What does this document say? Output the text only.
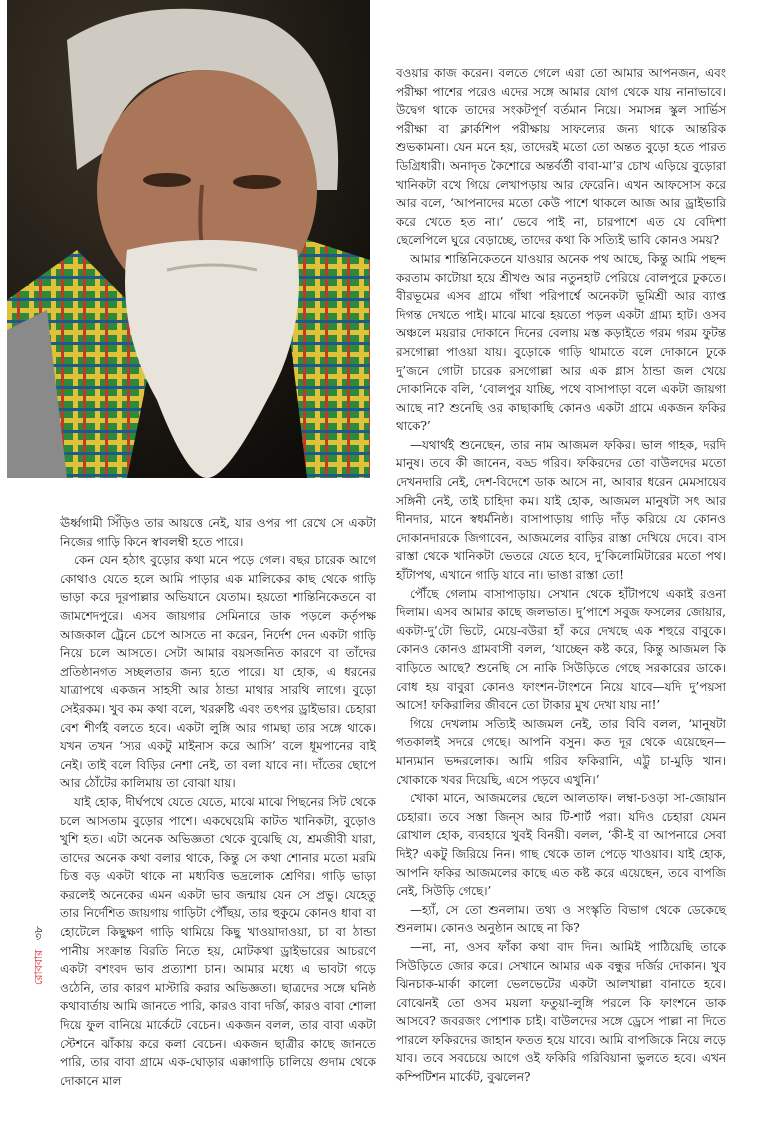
ঊর্ধ্বগামী সিঁড়িও তার আয়ত্তে নেই, যার ওপর পা রেখে সে একটা নিজের গাড়ি কিনে স্বাবলম্বী হতে পারে।

কেন যেন হঠাৎ বুড়োর কথা মনে পড়ে গেল। বছর চারেক আগে কোথাও যেতে হলে আমি পাড়ার এক মালিকের কাছ থেকে গাড়ি ভাড়া করে দূরপাল্লার অভিযানে যেতাম। হয়তো শান্তিনিকেতনে বা জামশেদপুরে। এসব জায়গার সেমিনারে ডাক পড়লে কর্তৃপক্ষ আজকাল ট্রেনে চেপে আসতে না করেন, নির্দেশ দেন একটা গাড়ি নিয়ে চলে আসতে। সেটা আমার বয়সজনিত কারণে বা তাঁদের প্রতিষ্ঠানগত সচ্ছলতার জন্য হতে পারে। যা হোক, এ ধরনের যাত্রাপথে একজন সাহসী আর ঠান্ডা মাথার সারথি লাগে। বুড়ো সেইরকম। খুব কম কথা বলে, খররুষ্টি এবং তৎপর ড্রাইভার। চেহারা বেশ শীর্ণই বলতে হবে। একটা লুঙ্গি আর গামছা তার সঙ্গে থাকে। যখন তখন ‘স্যর একটু মাইনাস করে আসি’ বলে ধূমপানের বাই নেই। তাই বলে বিড়ির নেশা নেই, তা বলা যাবে না। দাঁতের ছোপে আর ঠোঁটের কালিমায় তা বোঝা যায়।

যাই হোক, দীর্ঘপথে যেতে যেতে, মাঝে মাঝে পিছনের সিট থেকে চলে আসতাম বুড়োর পাশে। একঘেয়েমি কাটত খানিকটা, বুড়োও খুশি হত। এটা অনেক অভিজ্ঞতা থেকে বুঝেছি যে, শ্রমজীবী যারা, তাদের অনেক কথা বলার থাকে, কিন্তু সে কথা শোনার মতো মরমি চিত্ত বড় একটা থাকে না মধ্যবিত্ত ভদ্রলোক শ্রেণির। গাড়ি ভাড়া করলেই অনেকের এমন একটা ভাব জন্মায় যেন সে প্রভু। যেহেতু তার নির্দেশিত জায়গায় গাড়িটা পৌঁছয়, তার হুকুমে কোনও ধাবা বা হোটেলে কিছুক্ষণ গাড়ি থামিয়ে কিছু খাওয়াদাওয়া, চা বা ঠান্ডা পানীয় সংক্রান্ত বিরতি নিতে হয়, মোটকথা ড্রাইভারের আচরণে একটা বশংবদ ভাব প্রত্যাশা চান। আমার মধ্যে এ ভাবটা গড়ে ওঠেনি, তার কারণ মাস্টারি করার অভিজ্ঞতা। ছাত্রদের সঙ্গে ঘনিষ্ঠ কথাবার্তায় আমি জানতে পারি, কারও বাবা দর্জি, কারও বাবা শোলা দিয়ে ফুল বানিয়ে মার্কেটে বেচেন। একজন বলল, তার বাবা একটা স্টেশনে ঝাঁকায় করে কলা বেচেন। একজন ছাত্রীর কাছে জানতে পারি, তার বাবা গ্রামে এক-ঘোড়ার এক্কাগাড়ি চালিয়ে গুদাম থেকে দোকানে মাল

বওয়ার কাজ করেন। বলতে গেলে এরা তো আমার আপনজন, এবং পরীক্ষা পাশের পরেও এদের সঙ্গে আমার যোগ থেকে যায় নানাভাবে। উদ্বেগ থাকে তাদের সংকটপূর্ণ বর্তমান নিয়ে। সমাসন্ন স্কুল সার্ভিস পরীক্ষা বা ক্লার্কশিপ পরীক্ষায় সাফল্যের জন্য থাকে আন্তরিক শুভকামনা। যেন মনে হয়, তাদেরই মতো তো অন্তত বুড়ো হতে পারত ডিগ্রিধারী। অনাদৃত কৈশোরে অন্তর্বর্তী বাবা-মা’র চোখ এড়িয়ে বুড়োরা খানিকটা বখে গিয়ে লেখাপড়ায় আর ফেরেনি। এখন আফসোস করে আর বলে, ‘আপনাদের মতো কেউ পাশে থাকলে আজ আর ড্রাইভারি করে খেতে হত না।’ ভেবে পাই না, চারপাশে এত যে বেদিশা ছেলেপিলে ঘুরে বেড়াচ্ছে, তাদের কথা কি সত্যিই ভাবি কোনও সময়?

আমার শান্তিনিকেতনে যাওয়ার অনেক পথ আছে, কিন্তু আমি পছন্দ করতাম কাটোয়া হয়ে শ্রীখণ্ড আর নতুনহাট পেরিয়ে বোলপুরে ঢুকতে। বীরভূমের এসব গ্রামে গাঁথা পরিপার্শ্বে অনেকটা ভূমিশ্রী আর ব্যাপ্ত দিগন্ত দেখতে পাই। মাঝে মাঝে হয়তো পড়ল একটা গ্রাম্য হাট। ওসব অঞ্চলে ময়রার দোকানে দিনের বেলায় মস্ত কড়াইতে গরম গরম ফুটন্ত রসগোল্লা পাওয়া যায়। বুড়োকে গাড়ি থামাতে বলে দোকানে ঢুকে দু’জনে গোটা চারেক রসগোল্লা আর এক গ্লাস ঠান্ডা জল খেয়ে দোকানিকে বলি, ‘বোলপুর যাচ্ছি, পথে বাসাপাড়া বলে একটা জায়গা আছে না? শুনেছি ওর কাছাকাছি কোনও একটা গ্রামে একজন ফকির থাকে?’

—যথার্থই শুনেছেন, তার নাম আজমল ফকির। ভাল গাহক, দরদি মানুষ। তবে কী জানেন, বড্ড গরিব। ফকিরদের তো বাউলদের মতো দেখনদারি নেই, দেশ-বিদেশে ডাক আসে না, আবার ধরেন মেমসায়েব সঙ্গিনী নেই, তাই চাহিদা কম। যাই হোক, আজমল মানুষটা সৎ আর দীনদার, মানে স্বধর্মনিষ্ঠ। বাসাপাড়ায় গাড়ি দাঁড় করিয়ে যে কোনও দোকানদারকে জিগাবেন, আজমলের বাড়ির রাস্তা দেখিয়ে দেবে। বাস রাস্তা থেকে খানিকটা ভেতরে যেতে হবে, দু’কিলোমিটারের মতো পথ। হাঁটাপথ, এখানে গাড়ি যাবে না। ভাঙা রাস্তা তো!

পৌঁছে গেলাম বাসাপাড়ায়। সেখান থেকে হাঁটাপথে একাই রওনা দিলাম। এসব আমার কাছে জলভাত। দু’পাশে সবুজ ফসলের জোয়ার, একটা-দু’টো ভিটে, মেয়ে-বউরা হাঁ করে দেখছে এক শহুরে বাবুকে। কোনও কোনও গ্রামবাসী বলল, ‘যাচ্ছেন কষ্ট করে, কিন্তু আজমল কি বাড়িতে আছে? শুনেছি সে নাকি সিউড়িতে গেছে সরকারের ডাকে। বোধ হয় বাবুরা কোনও ফাংশন-টাংশনে নিয়ে যাবে—যদি দু’পয়সা আসে! ফকিরালির জীবনে তো টাকার মুখ দেখা যায় না!’

গিয়ে দেখলাম সত্যিই আজমল নেই, তার বিবি বলল, ‘মানুষটা গতকালই সদরে গেছে। আপনি বসুন। কত দূর থেকে এয়েছেন—মান্যমান ভদ্দরলোক। আমি গরিব ফকিরানি, এট্টু চা-মুড়ি খান। খোকাকে খবর দিয়েছি, এসে পড়বে এখুনি।’

খোকা মানে, আজমলের ছেলে আলতাফ। লম্বা-চওড়া সা-জোয়ান চেহারা। তবে সস্তা জিন্‌স আর টি-শার্ট পরা। যদিও চেহারা যেমন রোখাল হোক, ব্যবহারে খুবই বিনয়ী। বলল, ‘কী-ই বা আপনারে সেবা দিই? একটু জিরিয়ে নিন। গাছ থেকে তাল পেড়ে খাওয়াব। যাই হোক, আপনি ফকির আজমলের কাছে এত কষ্ট করে এয়েছেন, তবে বাপজি নেই, সিউড়ি গেছে।’

—হ্যাঁ, সে তো শুনলাম। তথ্য ও সংস্কৃতি বিভাগ থেকে ডেকেছে শুনলাম। কোনও অনুষ্ঠান আছে না কি?

—না, না, ওসব ফাঁকা কথা বাদ দিন। আমিই পাঠিয়েছি তাকে সিউড়িতে জোর করে। সেখানে আমার এক বন্ধুর দর্জির দোকান। খুব ঝিনচাক-মার্কা কালো ভেলভেটের একটা আলখাল্লা বানাতে হবে। বোঝেনই তো ওসব ময়লা ফতুয়া-লুঙ্গি পরলে কি ফাংশনে ডাক আসবে? জবরজং পোশাক চাই। বাউলদের সঙ্গে ড্রেসে পাল্লা না দিতে পারলে ফকিরদের জাহান ফতত হয়ে যাবে। আমি বাপজিকে নিয়ে লড়ে যাব। তবে সবচেয়ে আগে ওই ফকিরি গরিবিয়ানা ভুলতে হবে। এখন কম্পিটিশন মার্কেট, বুঝলেন?

রোববার ৩৮
